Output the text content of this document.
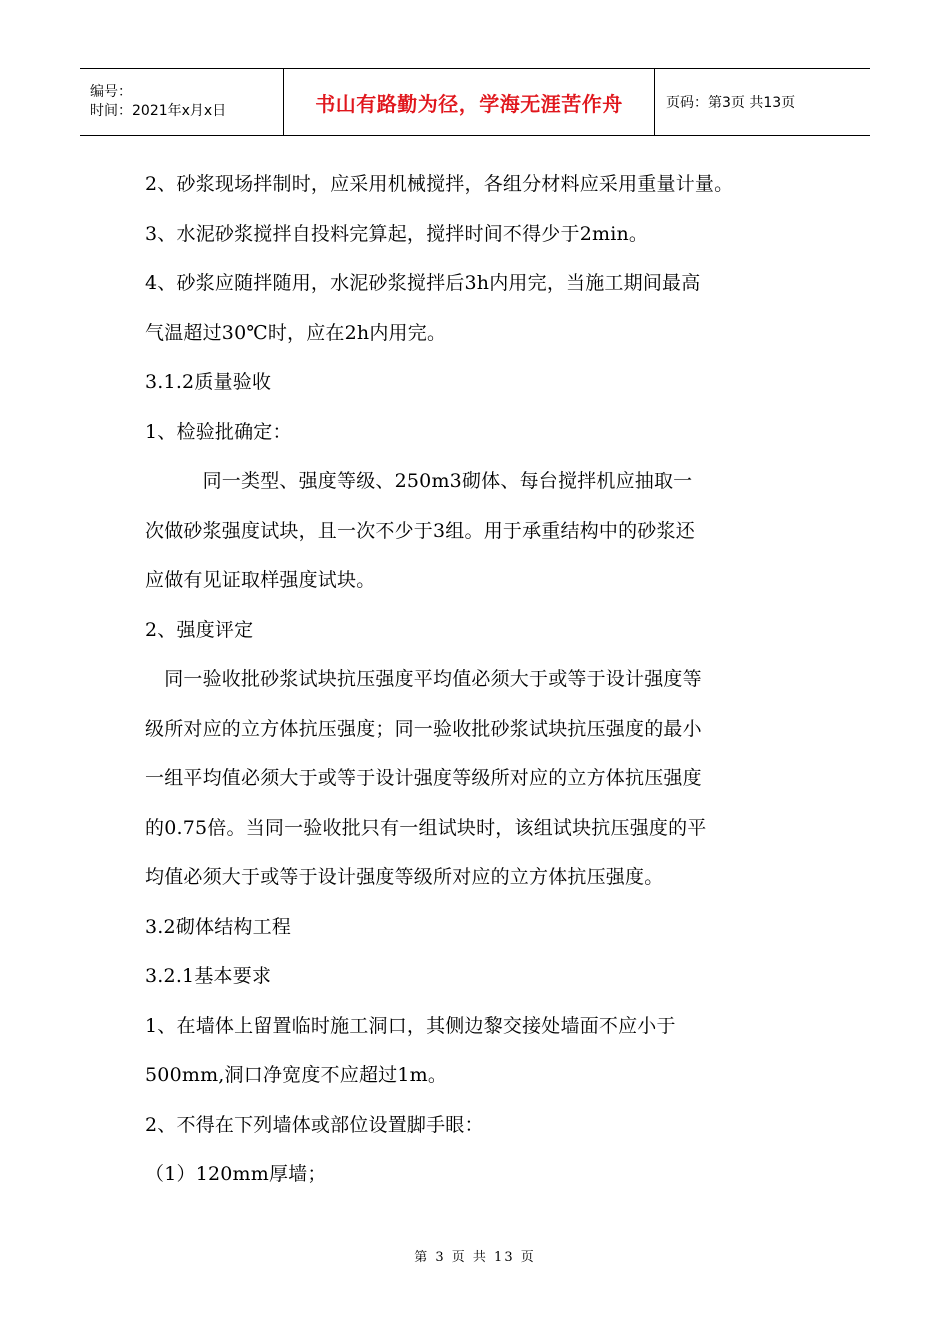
编号：
时间：2021年x月x日	书山有路勤为径，学海无涯苦作舟	页码：第3页 共13页
2、砂浆现场拌制时，应采用机械搅拌，各组分材料应采用重量计量。
3、水泥砂浆搅拌自投料完算起，搅拌时间不得少于2min。
4、砂浆应随拌随用，水泥砂浆搅拌后3h内用完，当施工期间最高
气温超过30℃时，应在2h内用完。
3.1.2质量验收
1、检验批确定：
　　　同一类型、强度等级、250m3砌体、每台搅拌机应抽取一
次做砂浆强度试块，且一次不少于3组。用于承重结构中的砂浆还
应做有见证取样强度试块。
2、强度评定
　同一验收批砂浆试块抗压强度平均值必须大于或等于设计强度等
级所对应的立方体抗压强度；同一验收批砂浆试块抗压强度的最小
一组平均值必须大于或等于设计强度等级所对应的立方体抗压强度
的0.75倍。当同一验收批只有一组试块时，该组试块抗压强度的平
均值必须大于或等于设计强度等级所对应的立方体抗压强度。
3.2砌体结构工程
3.2.1基本要求
1、在墙体上留置临时施工洞口，其侧边黎交接处墙面不应小于
500mm,洞口净宽度不应超过1m。
2、不得在下列墙体或部位设置脚手眼：
（1）120mm厚墙；
第 3 页 共 13 页
